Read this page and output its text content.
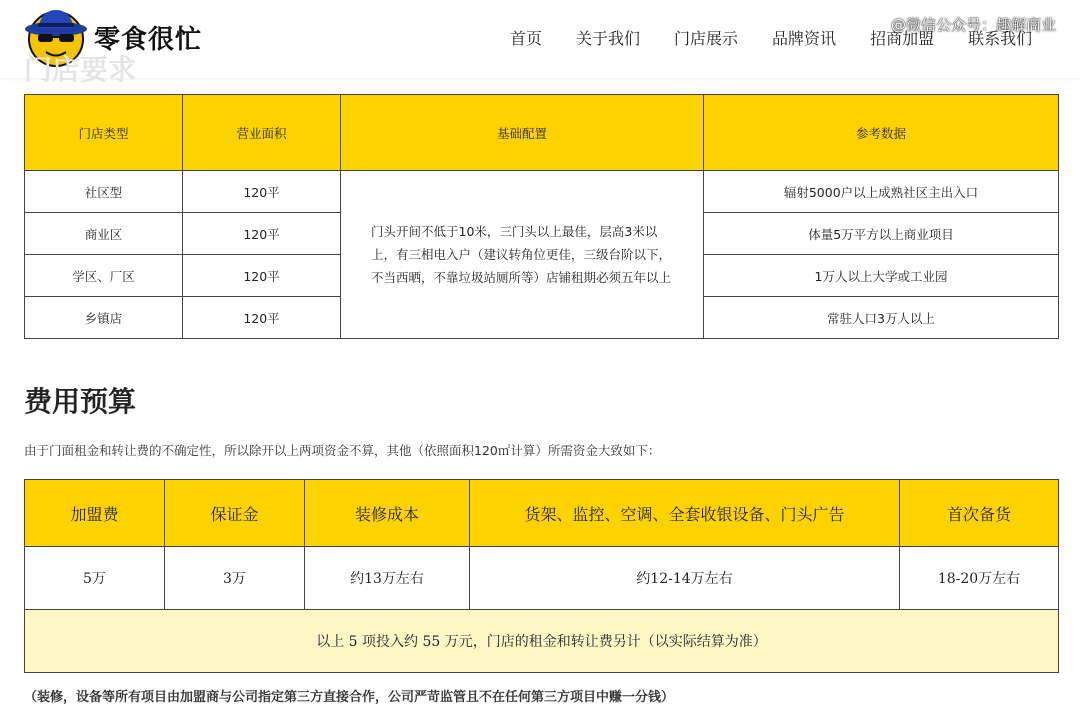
零食很忙	首页 关于我们 门店展示 品牌资讯 招商加盟 联系我们
@微信公众号：趣解商业
门店要求
门店类型	营业面积	基础配置	参考数据
社区型	120平	门头开间不低于10米，三门头以上最佳，层高3米以上，有三相电入户（建议转角位更佳，三级台阶以下，不当西晒，不靠垃圾站厕所等）店铺租期必须五年以上	辐射5000户以上成熟社区主出入口
商业区	120平		体量5万平方以上商业项目
学区、厂区	120平		1万人以上大学或工业园
乡镇店	120平		常驻人口3万人以上
费用预算

由于门面租金和转让费的不确定性，所以除开以上两项资金不算，其他（依照面积120㎡计算）所需资金大致如下：

加盟费	保证金	装修成本	货架、监控、空调、全套收银设备、门头广告	首次备货
5万	3万	约13万左右	约12-14万左右	18-20万左右
以上 5 项投入约 55 万元，门店的租金和转让费另计（以实际结算为准）				

（装修，设备等所有项目由加盟商与公司指定第三方直接合作，公司严苛监管且不在任何第三方项目中赚一分钱）
